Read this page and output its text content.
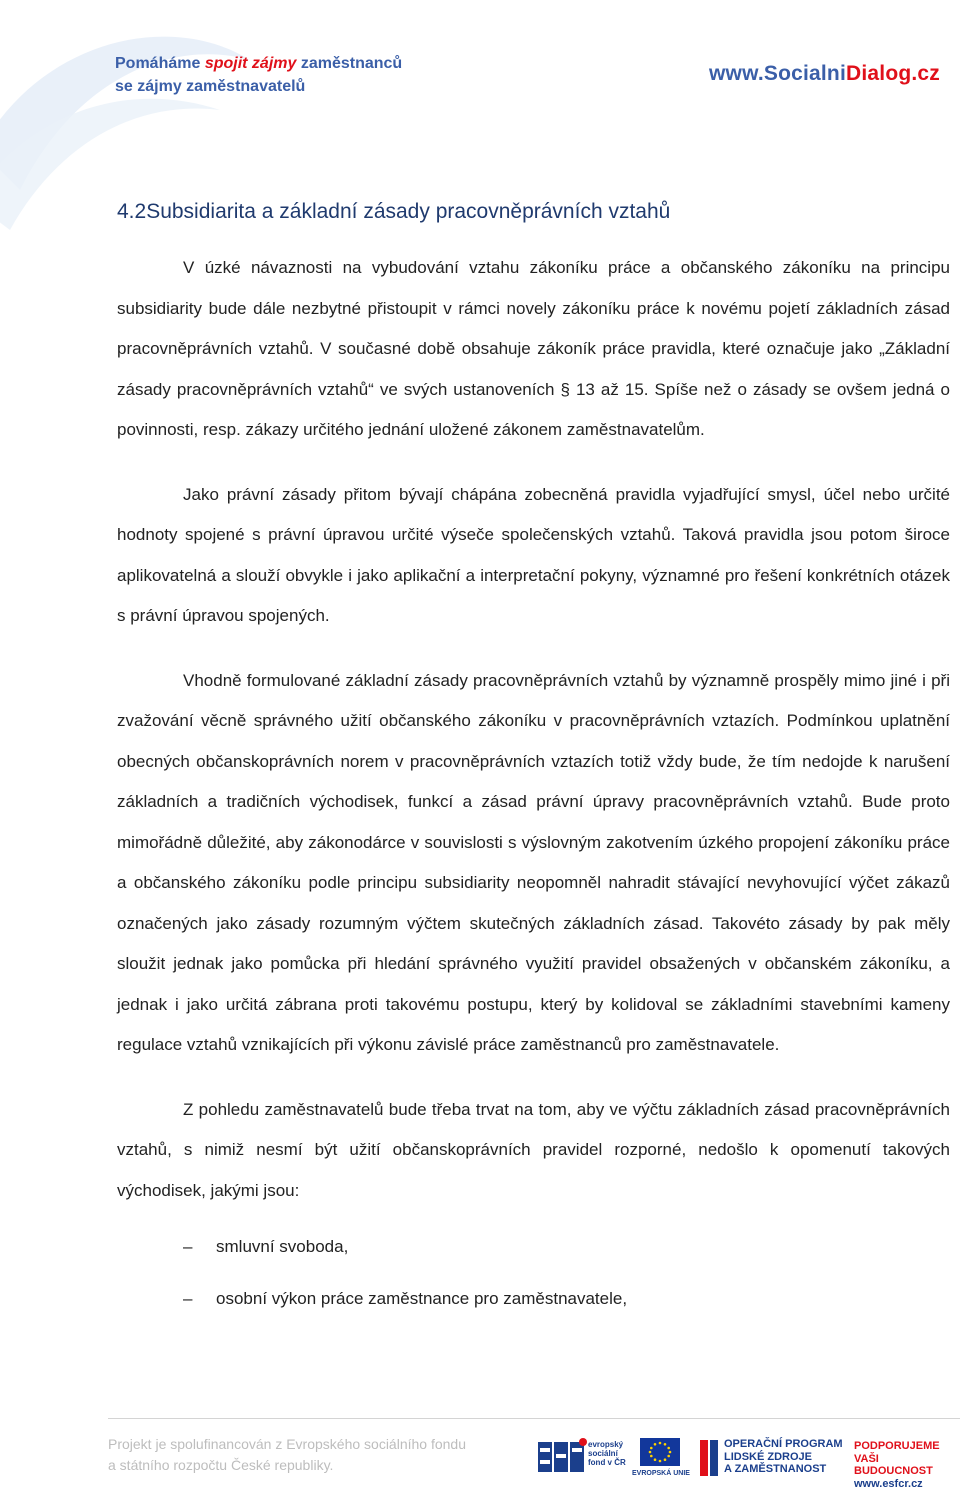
Pomáháme spojit zájmy zaměstnanců
se zájmy zaměstnavatelů
www.SocialniDialog.cz
4.2Subsidiarita a základní zásady pracovněprávních vztahů

V úzké návaznosti na vybudování vztahu zákoníku práce a občanského zákoníku na principu subsidiarity bude dále nezbytné přistoupit v rámci novely zákoníku práce k novému pojetí základních zásad pracovněprávních vztahů. V současné době obsahuje zákoník práce pravidla, které označuje jako „Základní zásady pracovněprávních vztahů“ ve svých ustanoveních § 13 až 15. Spíše než o zásady se ovšem jedná o povinnosti, resp. zákazy určitého jednání uložené zákonem zaměstnavatelům.

Jako právní zásady přitom bývají chápána zobecněná pravidla vyjadřující smysl, účel nebo určité hodnoty spojené s právní úpravou určité výseče společenských vztahů. Taková pravidla jsou potom široce aplikovatelná a slouží obvykle i jako aplikační a interpretační pokyny, významné pro řešení konkrétních otázek s právní úpravou spojených.

Vhodně formulované základní zásady pracovněprávních vztahů by významně prospěly mimo jiné i při zvažování věcně správného užití občanského zákoníku v pracovněprávních vztazích. Podmínkou uplatnění obecných občanskoprávních norem v pracovněprávních vztazích totiž vždy bude, že tím nedojde k narušení základních a tradičních východisek, funkcí a zásad právní úpravy pracovněprávních vztahů. Bude proto mimořádně důležité, aby zákonodárce v souvislosti s výslovným zakotvením úzkého propojení zákoníku práce a občanského zákoníku podle principu subsidiarity neopomněl nahradit stávající nevyhovující výčet zákazů označených jako zásady rozumným výčtem skutečných základních zásad. Takovéto zásady by pak měly sloužit jednak jako pomůcka při hledání správného využití pravidel obsažených v občanském zákoníku, a jednak i jako určitá zábrana proti takovému postupu, který by kolidoval se základními stavebními kameny regulace vztahů vznikajících při výkonu závislé práce zaměstnanců pro zaměstnavatele.

Z pohledu zaměstnavatelů bude třeba trvat na tom, aby ve výčtu základních zásad pracovněprávních vztahů, s nimiž nesmí být užití občanskoprávních pravidel rozporné, nedošlo k opomenutí takových východisek, jakými jsou:

– smluvní svoboda,
– osobní výkon práce zaměstnance pro zaměstnavatele,
Projekt je spolufinancován z Evropského sociálního fondu
a státního rozpočtu České republiky.
evropský
sociální
fond v ČR
EVROPSKÁ UNIE
OPERAČNÍ PROGRAM
LIDSKÉ ZDROJE
A ZAMĚSTNANOST
PODPORUJEME
VAŠI BUDOUCNOST
www.esfcr.cz
